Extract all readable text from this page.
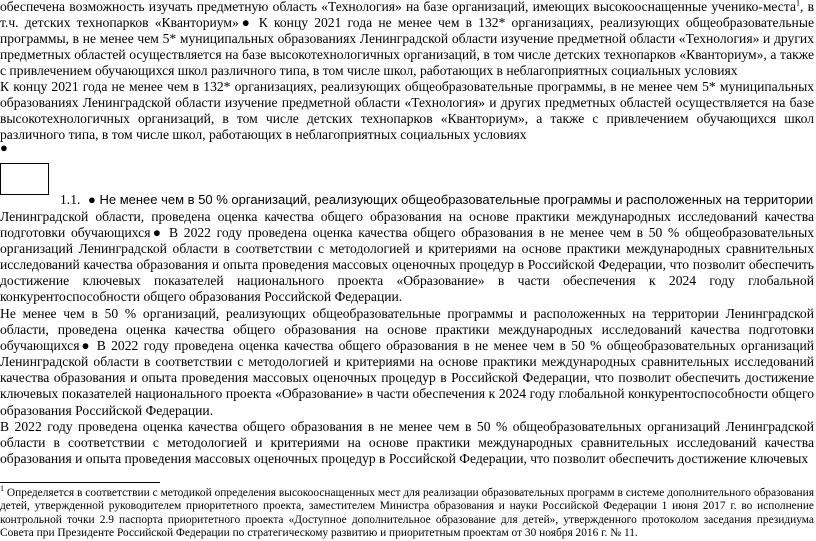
обеспечена возможность изучать предметную область «Технология» на базе организаций, имеющих высокооснащенные ученико-места$^1$, в т.ч. детских технопарков «Кванториум»● К концу 2021 года не менее чем в 132* организациях, реализующих общеобразовательные программы, в не менее чем 5* муниципальных образованиях Ленинградской области изучение предметной области «Технология» и других предметных областей осуществляется на базе высокотехнологичных организаций, в том числе детских технопарков «Кванториум», а также с привлечением обучающихся школ различного типа, в том числе школ, работающих в неблагоприятных социальных условиях

К концу 2021 года не менее чем в 132* организациях, реализующих общеобразовательные программы, в не менее чем 5* муниципальных образованиях Ленинградской области изучение предметной области «Технология» и других предметных областей осуществляется на базе высокотехнологичных организаций, в том числе детских технопарков «Кванториум», а также с привлечением обучающихся школ различного типа, в том числе школ, работающих в неблагоприятных социальных условиях

●
1.1. ● Не менее чем в 50 % организаций, реализующих общеобразовательные программы и расположенных на территории

Ленинградской области, проведена оценка качества общего образования на основе практики международных исследований качества подготовки обучающихся● В 2022 году проведена оценка качества общего образования в не менее чем в 50 % общеобразовательных организаций Ленинградской области в соответствии с методологией и критериями на основе практики международных сравнительных исследований качества образования и опыта проведения массовых оценочных процедур в Российской Федерации, что позволит обеспечить достижение ключевых показателей национального проекта «Образование» в части обеспечения к 2024 году глобальной конкурентоспособности общего образования Российской Федерации.

Не менее чем в 50 % организаций, реализующих общеобразовательные программы и расположенных на территории Ленинградской области, проведена оценка качества общего образования на основе практики международных исследований качества подготовки обучающихся● В 2022 году проведена оценка качества общего образования в не менее чем в 50 % общеобразовательных организаций Ленинградской области в соответствии с методологией и критериями на основе практики международных сравнительных исследований качества образования и опыта проведения массовых оценочных процедур в Российской Федерации, что позволит обеспечить достижение ключевых показателей национального проекта «Образование» в части обеспечения к 2024 году глобальной конкурентоспособности общего образования Российской Федерации.

В 2022 году проведена оценка качества общего образования в не менее чем в 50 % общеобразовательных организаций Ленинградской области в соответствии с методологией и критериями на основе практики международных сравнительных исследований качества образования и опыта проведения массовых оценочных процедур в Российской Федерации, что позволит обеспечить достижение ключевых

$^1$ Определяется в соответствии с методикой определения высокооснащенных мест для реализации образовательных программ в системе дополнительного образования детей, утвержденной руководителем приоритетного проекта, заместителем Министра образования и науки Российской Федерации 1 июня 2017 г. во исполнение контрольной точки 2.9 паспорта приоритетного проекта «Доступное дополнительное образование для детей», утвержденного протоколом заседания президиума Совета при Президенте Российской Федерации по стратегическому развитию и приоритетным проектам от 30 ноября 2016 г. № 11.
